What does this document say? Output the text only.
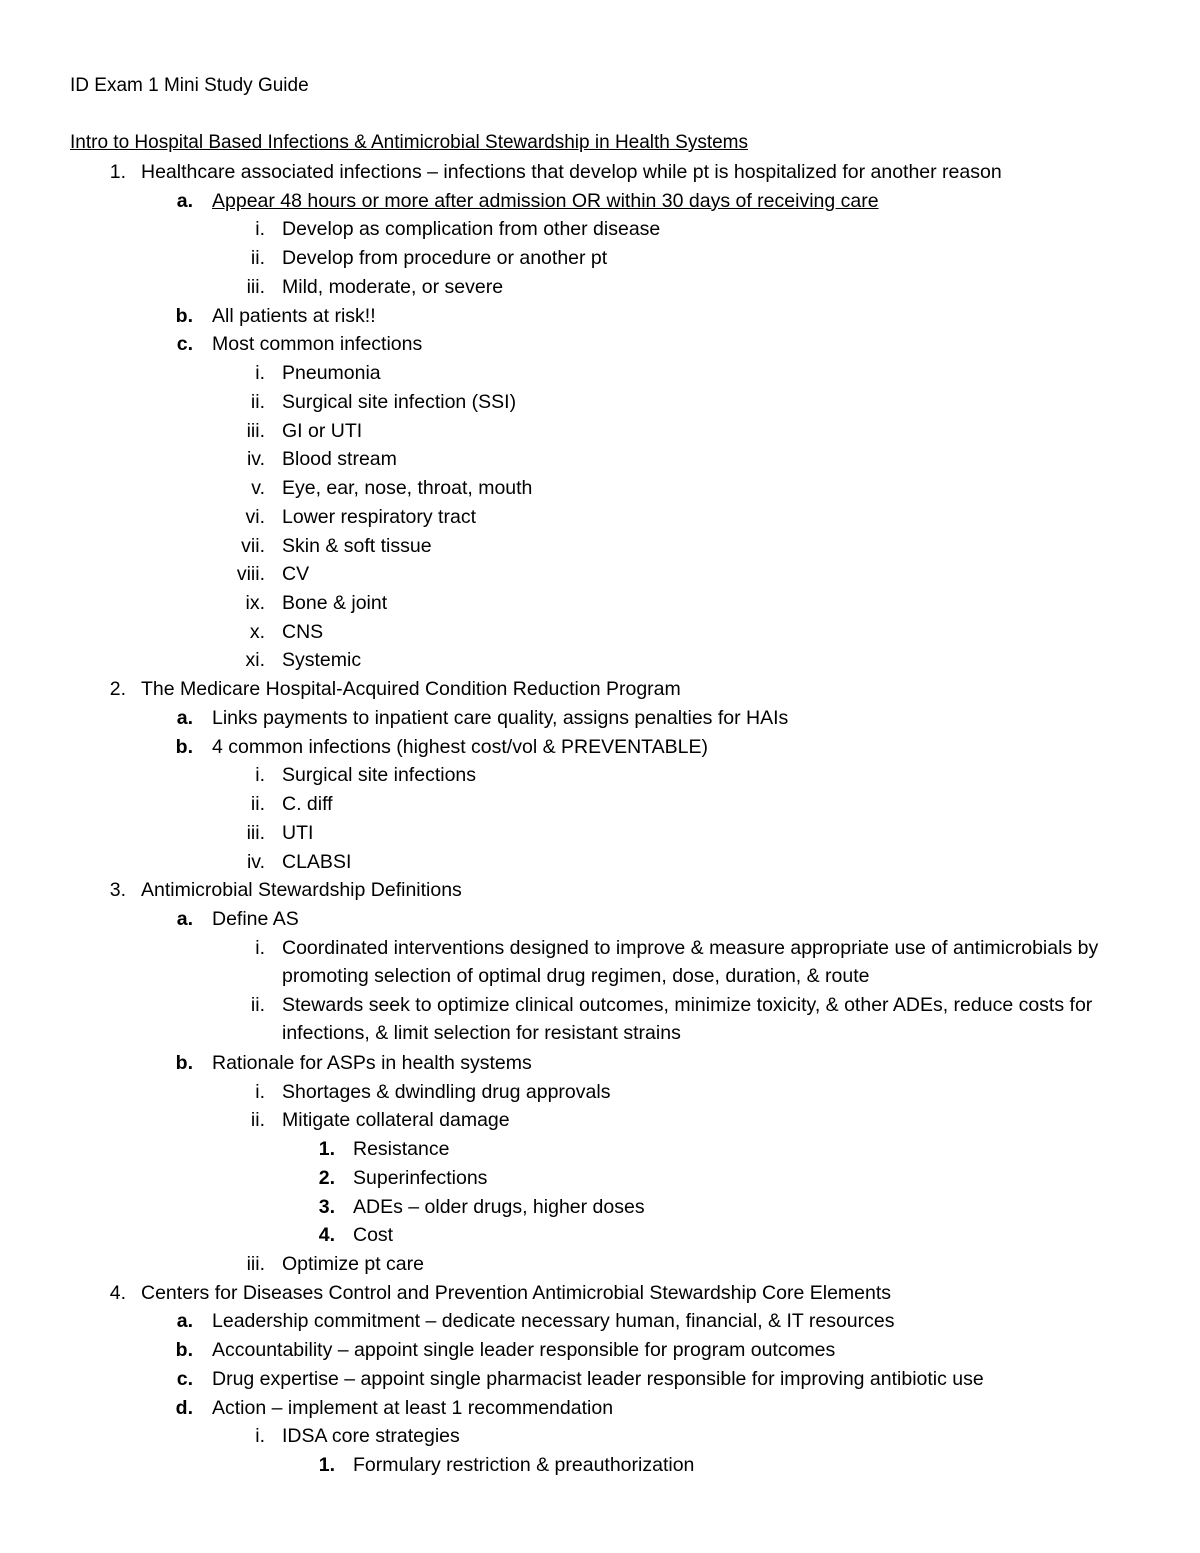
ID Exam 1 Mini Study Guide
Intro to Hospital Based Infections & Antimicrobial Stewardship in Health Systems
1. Healthcare associated infections – infections that develop while pt is hospitalized for another reason
a. Appear 48 hours or more after admission OR within 30 days of receiving care
i. Develop as complication from other disease
ii. Develop from procedure or another pt
iii. Mild, moderate, or severe
b. All patients at risk!!
c. Most common infections
i. Pneumonia
ii. Surgical site infection (SSI)
iii. GI or UTI
iv. Blood stream
v. Eye, ear, nose, throat, mouth
vi. Lower respiratory tract
vii. Skin & soft tissue
viii. CV
ix. Bone & joint
x. CNS
xi. Systemic
2. The Medicare Hospital-Acquired Condition Reduction Program
a. Links payments to inpatient care quality, assigns penalties for HAIs
b. 4 common infections (highest cost/vol & PREVENTABLE)
i. Surgical site infections
ii. C. diff
iii. UTI
iv. CLABSI
3. Antimicrobial Stewardship Definitions
a. Define AS
i. Coordinated interventions designed to improve & measure appropriate use of antimicrobials by promoting selection of optimal drug regimen, dose, duration, & route
ii. Stewards seek to optimize clinical outcomes, minimize toxicity, & other ADEs, reduce costs for infections, & limit selection for resistant strains
b. Rationale for ASPs in health systems
i. Shortages & dwindling drug approvals
ii. Mitigate collateral damage
1. Resistance
2. Superinfections
3. ADEs – older drugs, higher doses
4. Cost
iii. Optimize pt care
4. Centers for Diseases Control and Prevention Antimicrobial Stewardship Core Elements
a. Leadership commitment – dedicate necessary human, financial, & IT resources
b. Accountability – appoint single leader responsible for program outcomes
c. Drug expertise – appoint single pharmacist leader responsible for improving antibiotic use
d. Action – implement at least 1 recommendation
i. IDSA core strategies
1. Formulary restriction & preauthorization
